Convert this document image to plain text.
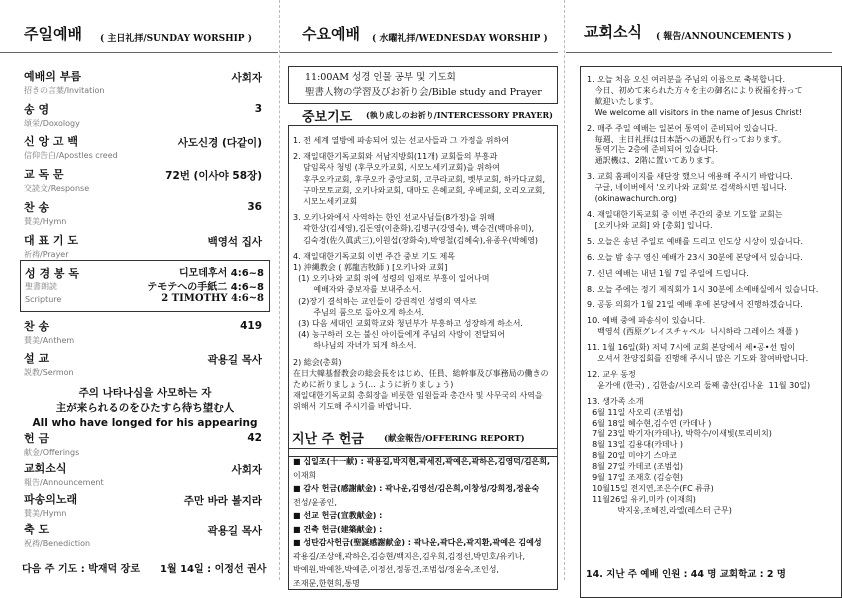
주일예배 ( 主日礼拝/SUNDAY WORSHIP )
예배의 부름
招きの言葉/Invitation
사회자
송 영
頌栄/Doxology
3
신 앙 고 백
信仰告白/Apostles creed
사도신경 (다같이)
교 독 문
交読文/Response
72번 (이사야 58장)
찬 송
賛美/Hymn
36
대 표 기 도
祈祷/Prayer
백영석 집사
성 경 봉 독
聖書朗読
Scripture
디모데후서 4:6~8
テモテへの手紙二 4:6~8
2 TIMOTHY 4:6~8
찬 송
賛美/Anthem
419
설 교
説教/Sermon
곽용길 목사
주의 나타나심을 사모하는 자
主が来られるのをひたすら待ち望む人
All who have longed for his appearing
헌 금
献金/Offerings
42
교회소식
報告/Announcement
사회자
파송의노래
賛美/Hymn
주만 바라 볼지라
축 도
祝祷/Benediction
곽용길 목사
다음 주 기도 : 박재덕 장로 1월 14일 : 이정선 권사
수요예배 ( 水曜礼拝/WEDNESDAY WORSHIP )
11:00AM 성경 인물 공부 및 기도회
聖書人物の学習及びお祈り会/Bible study and Prayer
중보기도 (執り成しのお祈り/INTERCESSORY PRAYER)
1. 전 세계 열방에 파송되어 있는 선교사들과 그 가정을 위하여
2. 재일대한기독교회와 서남지방회(11개) 교회들의 부흥과
담임목사 청빙 (후쿠오카교회, 시모노세키교회)을 위하여
후쿠오카교회, 후쿠오카 중앙교회, 고쿠라교회, 벳부교회, 하카다교회,
구마모토교회, 오키나와교회, 대마도 은혜교회, 우베교회, 오리오교회,
시모노세키교회
3. 오키나와에서 사역하는 한인 선교사님들(8가정)을 위해
곽한상(김세영),김돈영(이춘화),김병구(강영숙), 백승건(백마유미),
김숙경(佐久眞武三),이원섭(장화숙),박영철(김혜숙),유종우(박혜영)
4. 재일대한기독교회 이번 주간 중보 기도 제목
1) 沖縄教会 ( 郭龍吉牧師 ) [오키나와 교회]
(1) 오키나와 교회 위에 성령의 임재로 부흥이 일어나며
예배자와 중보자를 보내주소서.
(2)장기 결석하는 교인들이 강권적인 성령의 역사로
주님의 품으로 돌아오게 하소서.
(3) 다음 세대인 교회학교와 청년부가 부흥하고 성장하게 하소서.
(4) 농구하러 오는 불신 아이들에게 주님의 사랑이 전달되어
하나님의 자녀가 되게 하소서.
2) 総会(총회)
在日大韓基督教会の総会長をはじめ、任員、総幹事及び事務局の働きの
ために祈りましょう(... ように祈りましょう)
재일대한기독교회 총회장을 비롯한 임원들과 총간사 및 사무국의 사역을
위해서 기도해 주시기를 바랍니다.
지난 주 헌금 (献金報告/OFFERING REPORT)
■ 십일조(十一献) : 곽용길,박지현,곽세진,곽예은,곽하은,김영덕/김은희,
이재희
■ 감사 헌금(感謝献金) : 곽나운,김영선/김은희,이창성/강희정,정윤숙
전성/윤종인,
■ 선교 헌금(宣教献金) :
■ 건축 헌금(建築献金) :
■ 성탄감사헌금(聖誕感謝献金) : 곽나운,곽다은,곽지환,곽예은 김예성
곽용길/조상애,곽하은,김승현/백지은,김우희,김정선,박민호/유키나,
박예원,박예찬,박예준,이정선,정동건,조범섭/정윤숙,조인성,
조재문,한현희,통명
교회소식 ( 報告/ANNOUNCEMENTS )
1. 오늘 처음 오신 여러분을 주님의 이름으로 축복합니다.
今日、初めて来られた方々を主の御名により祝福を持って
歓迎いたします。
We welcome all visitors in the name of Jesus Christ!
2. 매주 주일 예배는 일본어 통역이 준비되어 있습니다.
毎週、主日礼拝は日本語への通訳も行っております。
통역기는 2층에 준비되어 있습니다.
通訳機は、2階に置いてあります。
3. 교회 홈페이지를 새단장 했으니 애용해 주시기 바랍니다.
구글, 네이버에서 '오키나와 교회'로 검색하시면 됩니다.
(okinawachurch.org)
4. 재일대한기독교회 중 이번 주간의 중보 기도할 교회는
[오키나와 교회] 와 [총회] 입니다.
5. 오늘은 송년 주일로 예배를 드리고 인도상 시상이 있습니다.
6. 오늘 밤 송구 영신 예배가 23시 30분에 본당에서 있습니다.
7. 신년 예배는 내년 1월 7일 주일에 드립니다.
8. 오늘 주에는 정기 제직회가 1시 30분에 소예배실에서 있습니다.
9. 공동 의회가 1월 21일 예배 후에 본당에서 진행하겠습니다.
10. 예배 중에 파송식이 있습니다.
백영석 (西原グレイスチャペル  니시하라 그레이스 채플 )
11. 1월 16일(화) 저녁 7시에 교회 본당에서 세•공•선 팀이
오셔서 찬양집회를 진행해 주시니 많은 기도와 참여바랍니다.
12. 교우 동정
윤가애 (한국) , 김한솔/시오리 둘째 출산(김나윤  11월 30일)
13. 생가족 소개
6월 11일 사오리 (조범섭)
6월 18일 혜수현,김수연 (카데나 )
7월 23일 박기자(카데나), 박학수/이새빛(토리비치)
8월 13일 김용대(카데나 )
8월 20일 미야기 스마코
8월 27일 카데코 (조범섭)
9월 17일 조재호 (김승현)
10월15일 전지연,조은수(FC 류큐)
11월26일 유키,미카 (이재희)
박지웅,조혜진,라엘(레스터 근무)
14. 지난 주 예배 인원 : 44 명 교회학교 : 2 명
